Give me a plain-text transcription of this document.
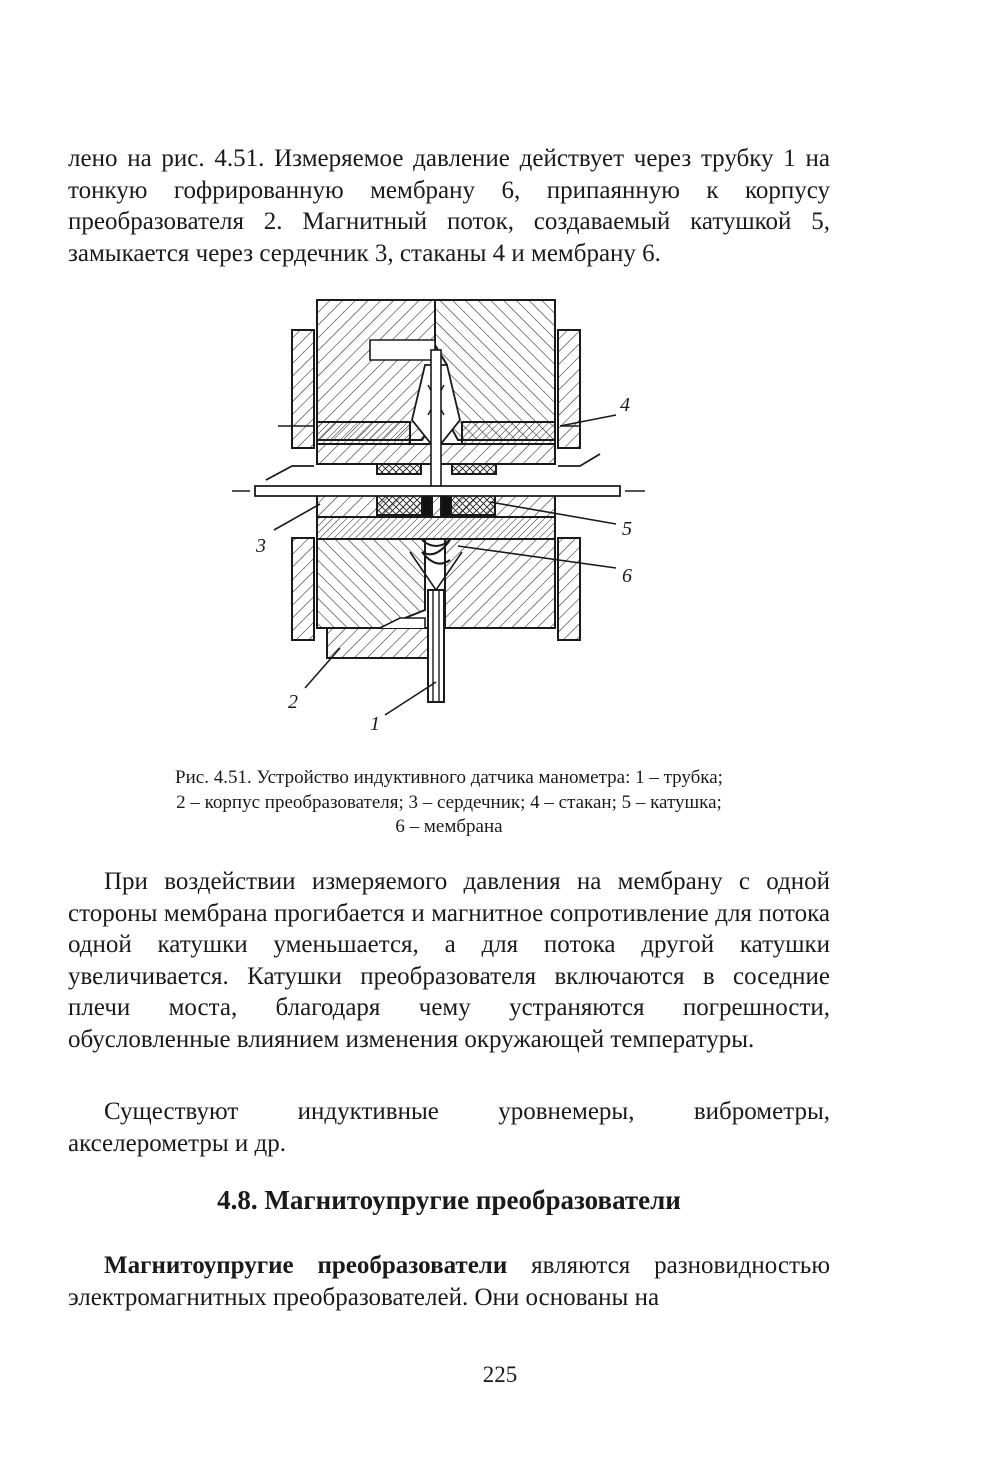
лено на рис. 4.51. Измеряемое давление действует через трубку 1 на тонкую гофрированную мембрану 6, припаянную к корпусу преобразователя 2. Магнитный поток, создаваемый катушкой 5, замыкается через сердечник 3, стаканы 4 и мембрану 6.

4
5
6
3
2
1
Рис. 4.51. Устройство индуктивного датчика манометра: 1 – трубка;
2 – корпус преобразователя; 3 – сердечник; 4 – стакан; 5 – катушка;
6 – мембрана

При воздействии измеряемого давления на мембрану с одной стороны мембрана прогибается и магнитное сопротивление для потока одной катушки уменьшается, а для потока другой катушки увеличивается. Катушки преобразователя включаются в соседние плечи моста, благодаря чему устраняются погрешности, обусловленные влиянием изменения окружающей температуры.

Существуют индуктивные уровнемеры, виброметры, акселерометры и др.

4.8. Магнитоупругие преобразователи

Магнитоупругие преобразователи являются разновидностью электромагнитных преобразователей. Они основаны на

225
